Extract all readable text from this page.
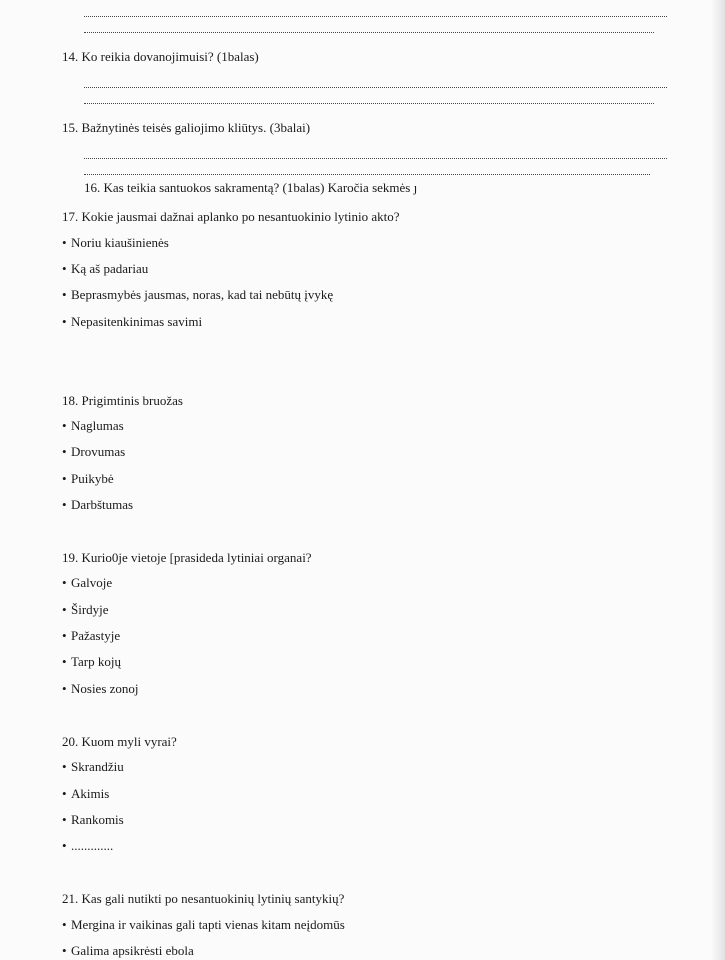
14. Ko reikia dovanojimuisi? (1balas)
15. Bažnytinės teisės galiojimo kliūtys. (3balai)
16. Kas teikia santuokos sakramentą? (1balas) Karočia sekmės ȷ
17. Kokie jausmai dažnai aplanko po nesantuokinio lytinio akto?
• Noriu kiaušinienės
• Ką aš padariau
• Beprasmybės jausmas, noras, kad tai nebūtų įvykę
• Nepasitenkinimas savimi
18. Prigimtinis bruožas
• Naglumas
• Drovumas
• Puikybė
• Darbštumas
19. Kurio0je vietoje [prasideda lytiniai organai?
• Galvoje
• Širdyje
• Pažastyje
• Tarp kojų
• Nosies zonoj
20. Kuom myli vyrai?
• Skrandžiu
• Akimis
• Rankomis
• .............
21. Kas gali nutikti po nesantuokinių lytinių santykių?
• Mergina ir vaikinas gali tapti vienas kitam neįdomūs
• Galima apsikrėsti ebola
